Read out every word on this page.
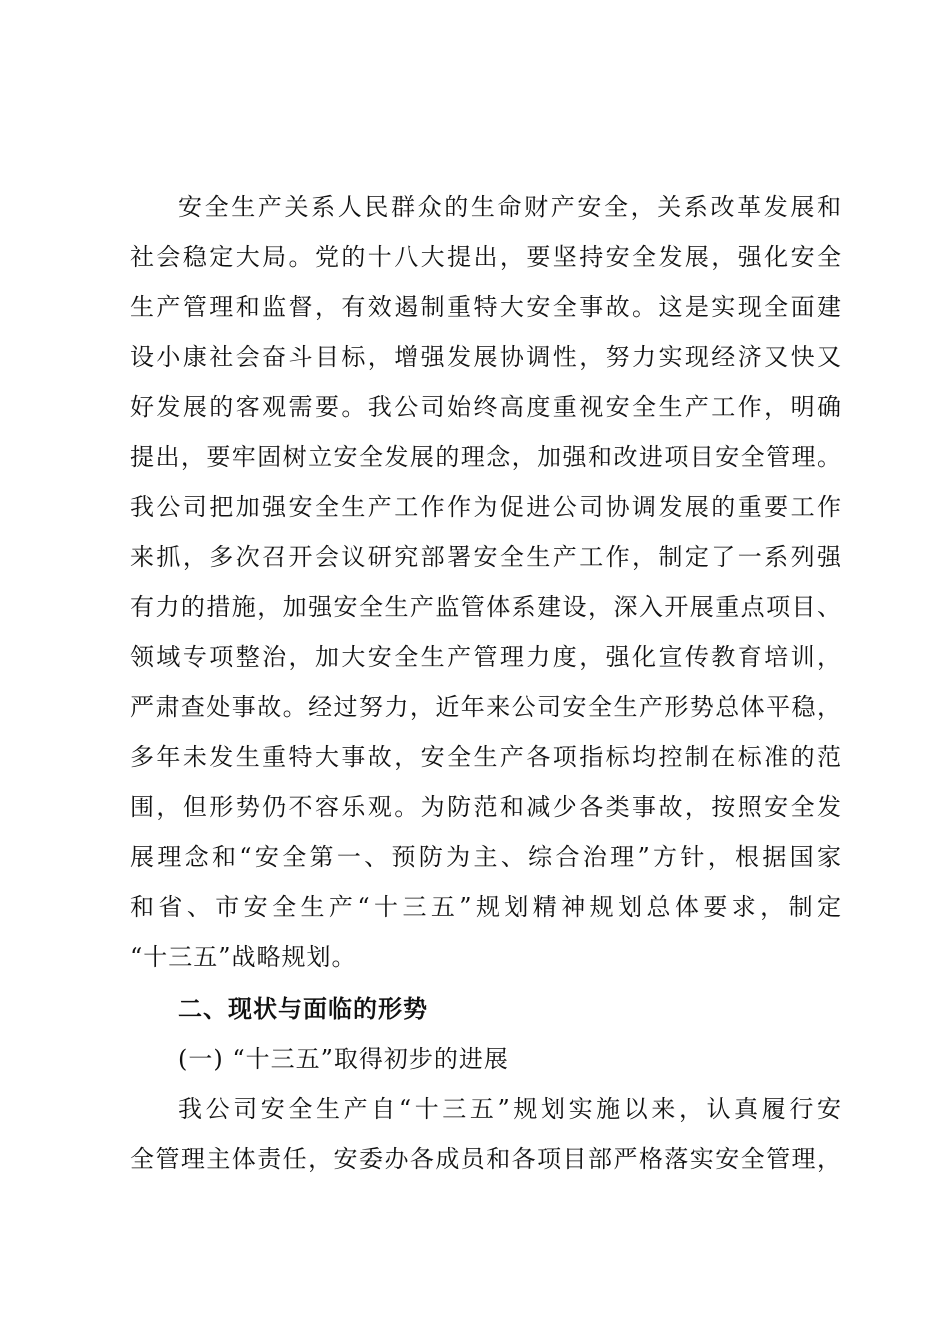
安全生产关系人民群众的生命财产安全，关系改革发展和
社会稳定大局。党的十八大提出，要坚持安全发展，强化安全
生产管理和监督，有效遏制重特大安全事故。这是实现全面建
设小康社会奋斗目标，增强发展协调性，努力实现经济又快又
好发展的客观需要。我公司始终高度重视安全生产工作，明确
提出，要牢固树立安全发展的理念，加强和改进项目安全管理。
我公司把加强安全生产工作作为促进公司协调发展的重要工作
来抓，多次召开会议研究部署安全生产工作，制定了一系列强
有力的措施，加强安全生产监管体系建设，深入开展重点项目、
领域专项整治，加大安全生产管理力度，强化宣传教育培训，
严肃查处事故。经过努力，近年来公司安全生产形势总体平稳，
多年未发生重特大事故，安全生产各项指标均控制在标准的范
围，但形势仍不容乐观。为防范和减少各类事故，按照安全发
展理念和“安全第一、预防为主、综合治理”方针，根据国家
和省、市安全生产“十三五”规划精神规划总体要求，制定
“十三五”战略规划。
二、现状与面临的形势
(一) “十三五”取得初步的进展
我公司安全生产自“十三五”规划实施以来，认真履行安
全管理主体责任，安委办各成员和各项目部严格落实安全管理，
